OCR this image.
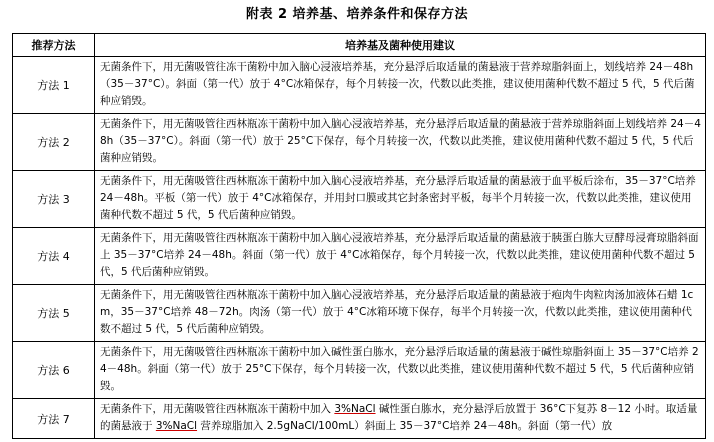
附表 2 培养基、培养条件和保存方法
推荐方法	培养基及菌种使用建议
方法 1	无菌条件下，用无菌吸管往冻干菌粉中加入脑心浸液培养基，充分悬浮后取适量的菌悬液于营养琼脂斜面上，划线培养 24－48h（35－37°C）。斜面（第一代）放于 4°C冰箱保存，每个月转接一次，代数以此类推，建议使用菌种代数不超过 5 代，5 代后菌种应销毁。
方法 2	无菌条件下，用无菌吸管往西林瓶冻干菌粉中加入脑心浸液培养基，充分悬浮后取适量的菌悬液于营养琼脂斜面上划线培养 24－48h（35－37°C）。斜面（第一代）放于 25°C下保存，每个月转接一次，代数以此类推，建议使用菌种代数不超过 5 代，5 代后菌种应销毁。
方法 3	无菌条件下，用无菌吸管往西林瓶冻干菌粉中加入脑心浸液培养基，充分悬浮后取适量的菌悬液于血平板后涂布，35－37°C培养 24－48h。平板（第一代）放于 4°C冰箱保存，并用封口膜或其它封条密封平板，每半个月转接一次，代数以此类推，建议使用菌种代数不超过 5 代，5 代后菌种应销毁。
方法 4	无菌条件下，用无菌吸管往西林瓶冻干菌粉中加入脑心浸液培养基，充分悬浮后取适量的菌悬液于胰蛋白胨大豆酵母浸膏琼脂斜面上 35－37°C培养 24－48h。斜面（第一代）放于 4°C冰箱保存，每个月转接一次，代数以此类推，建议使用菌种代数不超过 5 代，5 代后菌种应销毁。
方法 5	无菌条件下，用无菌吸管往西林瓶冻干菌粉中加入脑心浸液培养基，充分悬浮后取适量的菌悬液于疱肉牛肉粒肉汤加液体石蜡 1cm，35－37°C培养 48－72h。肉汤（第一代）放于 4°C冰箱环境下保存，每半个月转接一次，代数以此类推，建议使用菌种代数不超过 5 代，5 代后菌种应销毁。
方法 6	无菌条件下，用无菌吸管往西林瓶冻干菌粉中加入碱性蛋白胨水，充分悬浮后取适量的菌悬液于碱性琼脂斜面上 35－37°C培养 24－48h。斜面（第一代）放于 25°C下保存，每个月转接一次，代数以此类推，建议使用菌种代数不超过 5 代，5 代后菌种应销毁。
方法 7	无菌条件下，用无菌吸管往西林瓶冻干菌粉中加入 3%NaCl 碱性蛋白胨水，充分悬浮后放置于 36°C下复苏 8－12 小时。取适量的菌悬液于 3%NaCl 营养琼脂加入 2.5gNaCl/100mL）斜面上 35－37°C培养 24－48h。斜面（第一代）放
